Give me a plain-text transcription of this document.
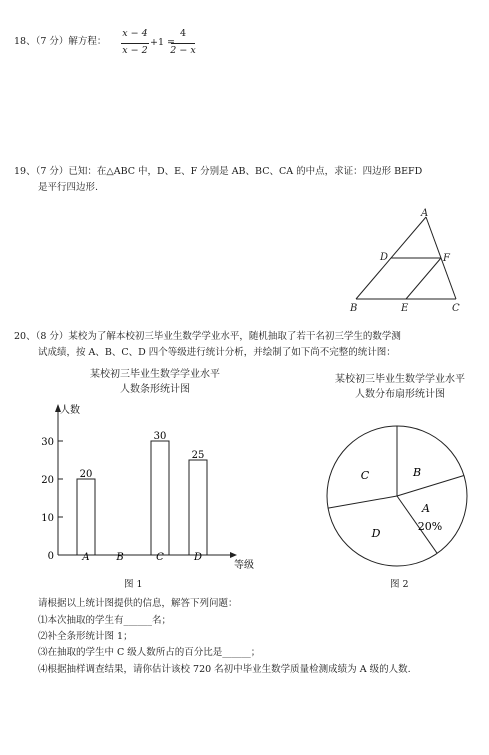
18、（7 分）解方程：
x − 4
x − 2
+1 =
4
2 − x
19、（7 分）已知：在△ABC 中，D、E、F 分别是 AB、BC、CA 的中点，求证：四边形 BEFD
是平行四边形.
A
D	F
B	E	C
20、（8 分）某校为了解本校初三毕业生数学学业水平，随机抽取了若干名初三学生的数学测
试成绩，按 A、B、C、D 四个等级进行统计分析，并绘制了如下尚不完整的统计图：
某校初三毕业生数学学业水平
人数条形统计图
某校初三毕业生数学学业水平
人数分布扇形统计图
人数
等级
0
10
20
30
20
A	B
30
C
25
D
A
20%
B
C
D
图 1	图 2
请根据以上统计图提供的信息，解答下列问题：
⑴本次抽取的学生有______名；
⑵补全条形统计图 1；
⑶在抽取的学生中 C 级人数所占的百分比是______；
⑷根据抽样调查结果，请你估计该校 720 名初中毕业生数学质量检测成绩为 A 级的人数.
